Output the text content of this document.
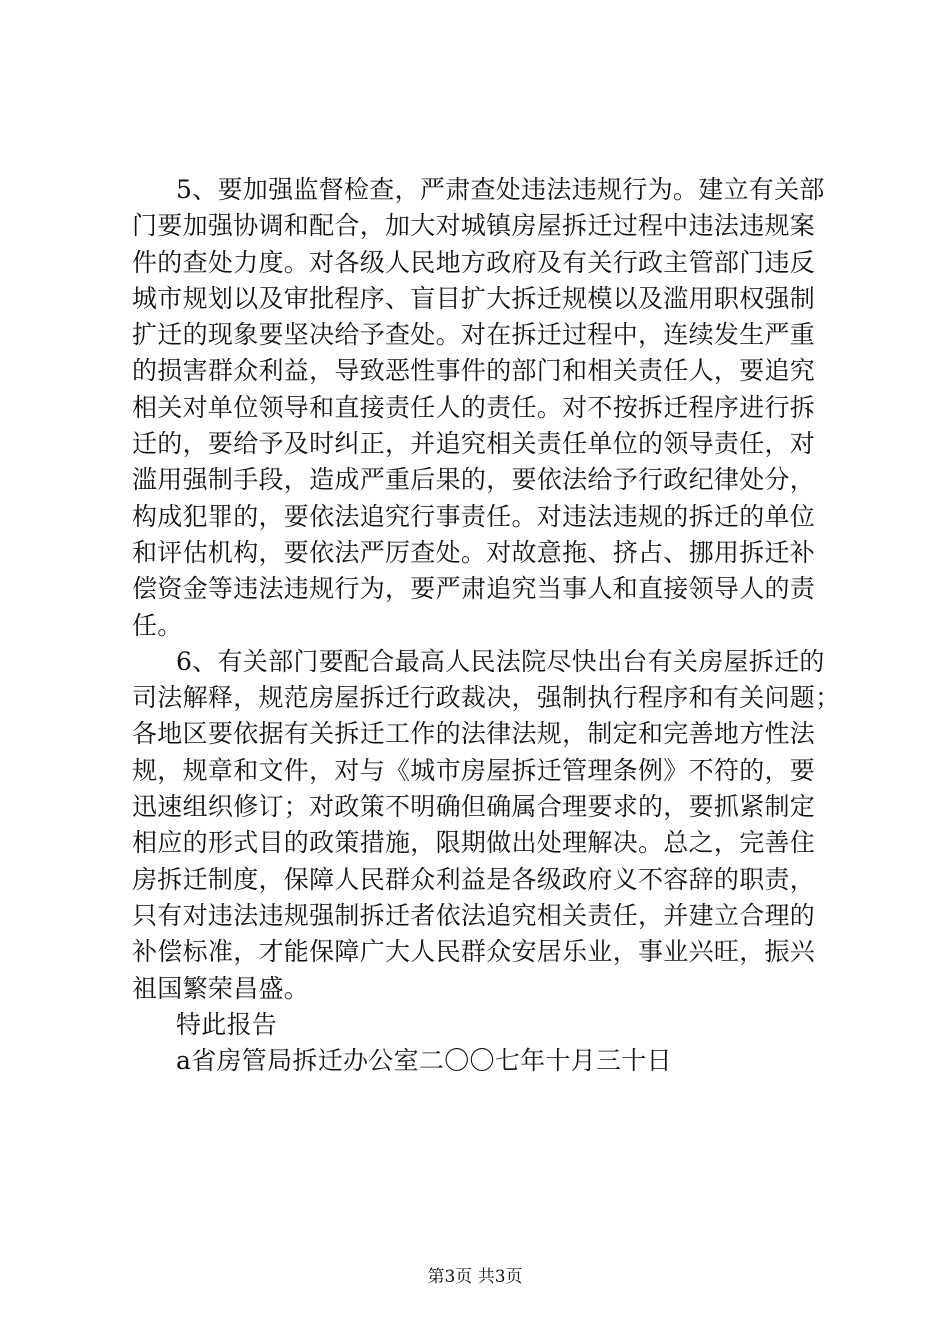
5、要加强监督检查，严肃查处违法违规行为。建立有关部
门要加强协调和配合，加大对城镇房屋拆迁过程中违法违规案
件的查处力度。对各级人民地方政府及有关行政主管部门违反
城市规划以及审批程序、盲目扩大拆迁规模以及滥用职权强制
扩迁的现象要坚决给予查处。对在拆迁过程中，连续发生严重
的损害群众利益，导致恶性事件的部门和相关责任人，要追究
相关对单位领导和直接责任人的责任。对不按拆迁程序进行拆
迁的，要给予及时纠正，并追究相关责任单位的领导责任，对
滥用强制手段，造成严重后果的，要依法给予行政纪律处分，
构成犯罪的，要依法追究行事责任。对违法违规的拆迁的单位
和评估机构，要依法严厉查处。对故意拖、挤占、挪用拆迁补
偿资金等违法违规行为，要严肃追究当事人和直接领导人的责
任。
6、有关部门要配合最高人民法院尽快出台有关房屋拆迁的
司法解释，规范房屋拆迁行政裁决，强制执行程序和有关问题；
各地区要依据有关拆迁工作的法律法规，制定和完善地方性法
规，规章和文件，对与《城市房屋拆迁管理条例》不符的，要
迅速组织修订；对政策不明确但确属合理要求的，要抓紧制定
相应的形式目的政策措施，限期做出处理解决。总之，完善住
房拆迁制度，保障人民群众利益是各级政府义不容辞的职责，
只有对违法违规强制拆迁者依法追究相关责任，并建立合理的
补偿标准，才能保障广大人民群众安居乐业，事业兴旺，振兴
祖国繁荣昌盛。
特此报告
a省房管局拆迁办公室二〇〇七年十月三十日
第3页 共3页
